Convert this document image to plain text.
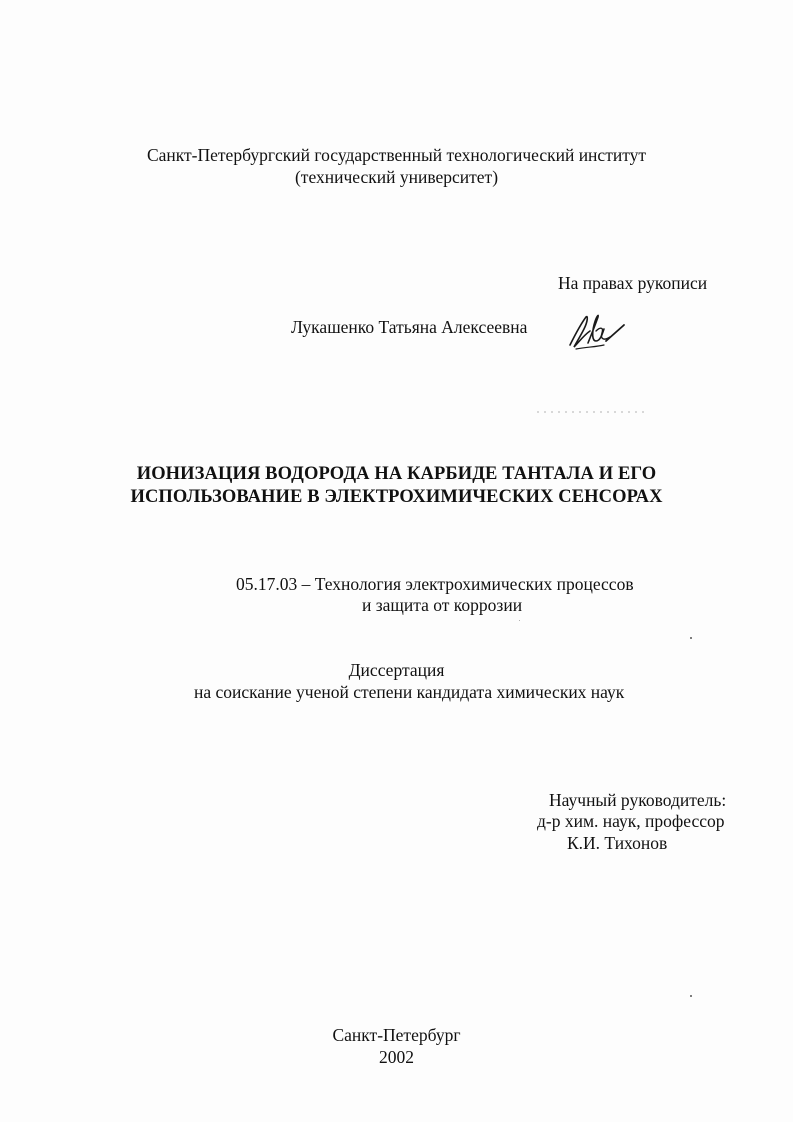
Санкт-Петербургский государственный технологический институт
(технический университет)
На правах рукописи
Лукашенко Татьяна Алексеевна
ИОНИЗАЦИЯ ВОДОРОДА НА КАРБИДЕ ТАНТАЛА И ЕГО
ИСПОЛЬЗОВАНИЕ В ЭЛЕКТРОХИМИЧЕСКИХ СЕНСОРАХ
05.17.03 – Технология электрохимических процессов
и защита от коррозии
Диссертация
на соискание ученой степени кандидата химических наук
Научный руководитель:
д-р хим. наук, профессор
К.И. Тихонов
Санкт-Петербург
2002
